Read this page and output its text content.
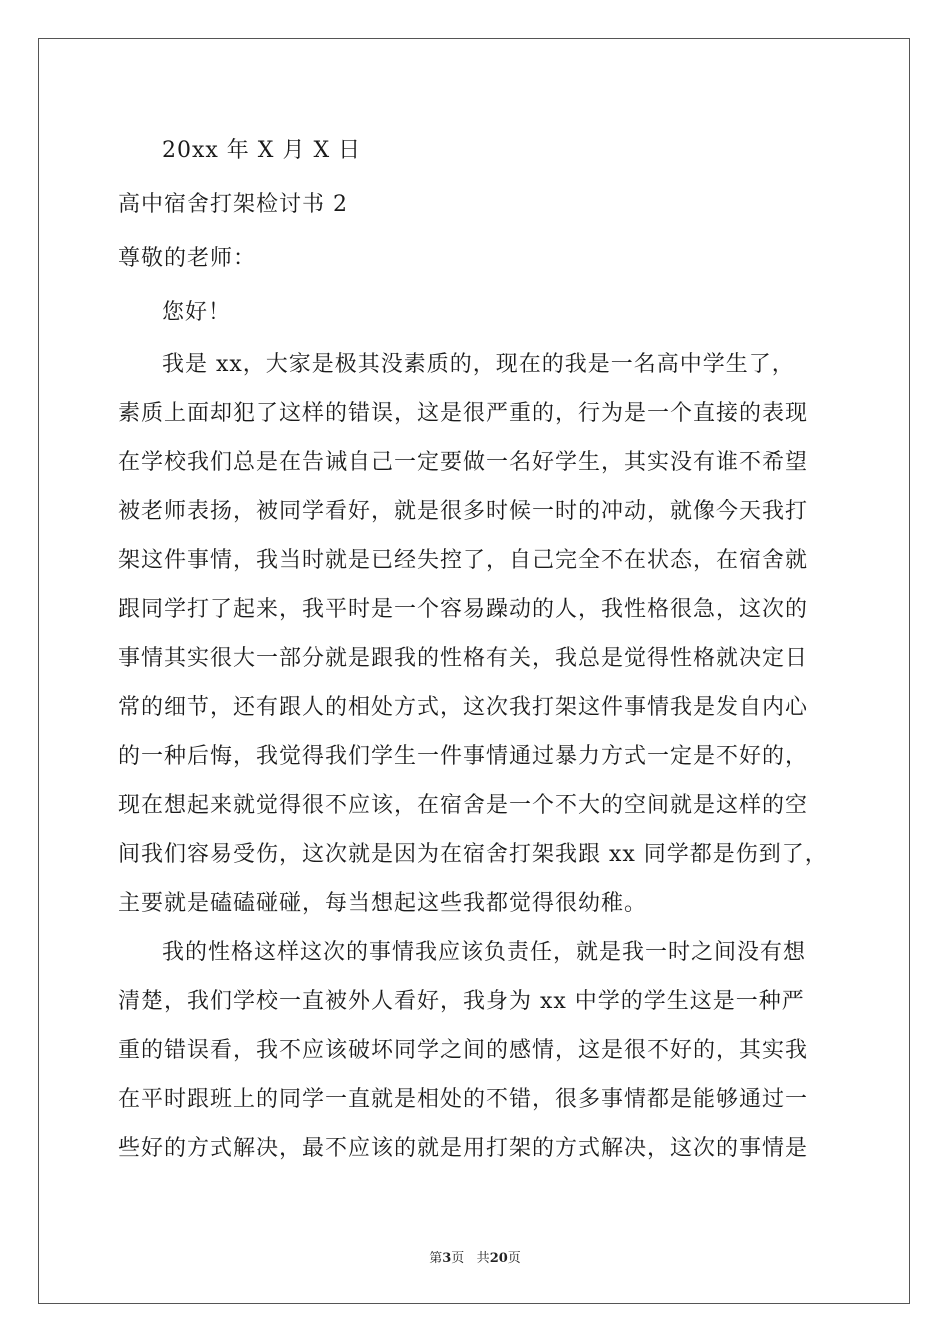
20xx 年 X 月 X 日
高中宿舍打架检讨书 2
尊敬的老师：
您好！
我是 xx，大家是极其没素质的，现在的我是一名高中学生了，
素质上面却犯了这样的错误，这是很严重的，行为是一个直接的表现
在学校我们总是在告诫自己一定要做一名好学生，其实没有谁不希望
被老师表扬，被同学看好，就是很多时候一时的冲动，就像今天我打
架这件事情，我当时就是已经失控了，自己完全不在状态，在宿舍就
跟同学打了起来，我平时是一个容易躁动的人，我性格很急，这次的
事情其实很大一部分就是跟我的性格有关，我总是觉得性格就决定日
常的细节，还有跟人的相处方式，这次我打架这件事情我是发自内心
的一种后悔，我觉得我们学生一件事情通过暴力方式一定是不好的，
现在想起来就觉得很不应该，在宿舍是一个不大的空间就是这样的空
间我们容易受伤，这次就是因为在宿舍打架我跟 xx 同学都是伤到了，
主要就是磕磕碰碰，每当想起这些我都觉得很幼稚。
我的性格这样这次的事情我应该负责任，就是我一时之间没有想
清楚，我们学校一直被外人看好，我身为 xx 中学的学生这是一种严
重的错误看，我不应该破坏同学之间的感情，这是很不好的，其实我
在平时跟班上的同学一直就是相处的不错，很多事情都是能够通过一
些好的方式解决，最不应该的就是用打架的方式解决，这次的事情是
第3页 共20页
